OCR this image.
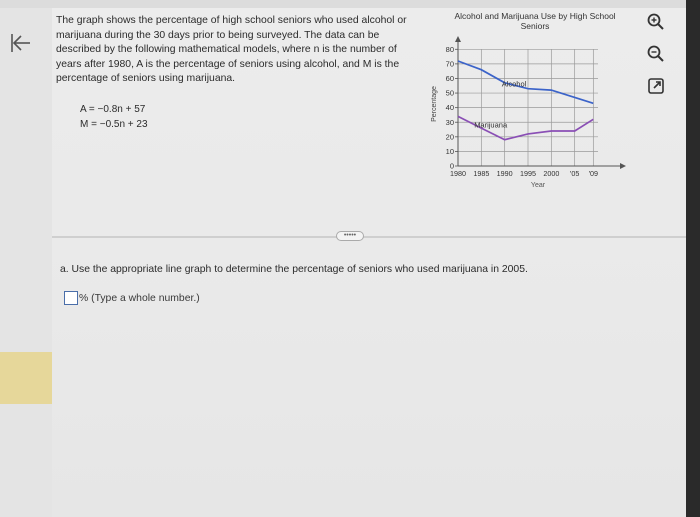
The graph shows the percentage of high school seniors who used alcohol or
marijuana during the 30 days prior to being surveyed. The data can be
described by the following mathematical models, where n is the number of
years after 1980, A is the percentage of seniors using alcohol, and M is the
percentage of seniors using marijuana.
A = −0.8n + 57
M = −0.5n + 23
Alcohol and Marijuana Use by High School Seniors
0
10
20
30
40
50
60
70
80
1980 1985 1990 1995 2000 '05 '09
Year
Percentage
Alcohol
Marijuana
•••••
a. Use the appropriate line graph to determine the percentage of seniors who used marijuana in 2005.
% (Type a whole number.)
